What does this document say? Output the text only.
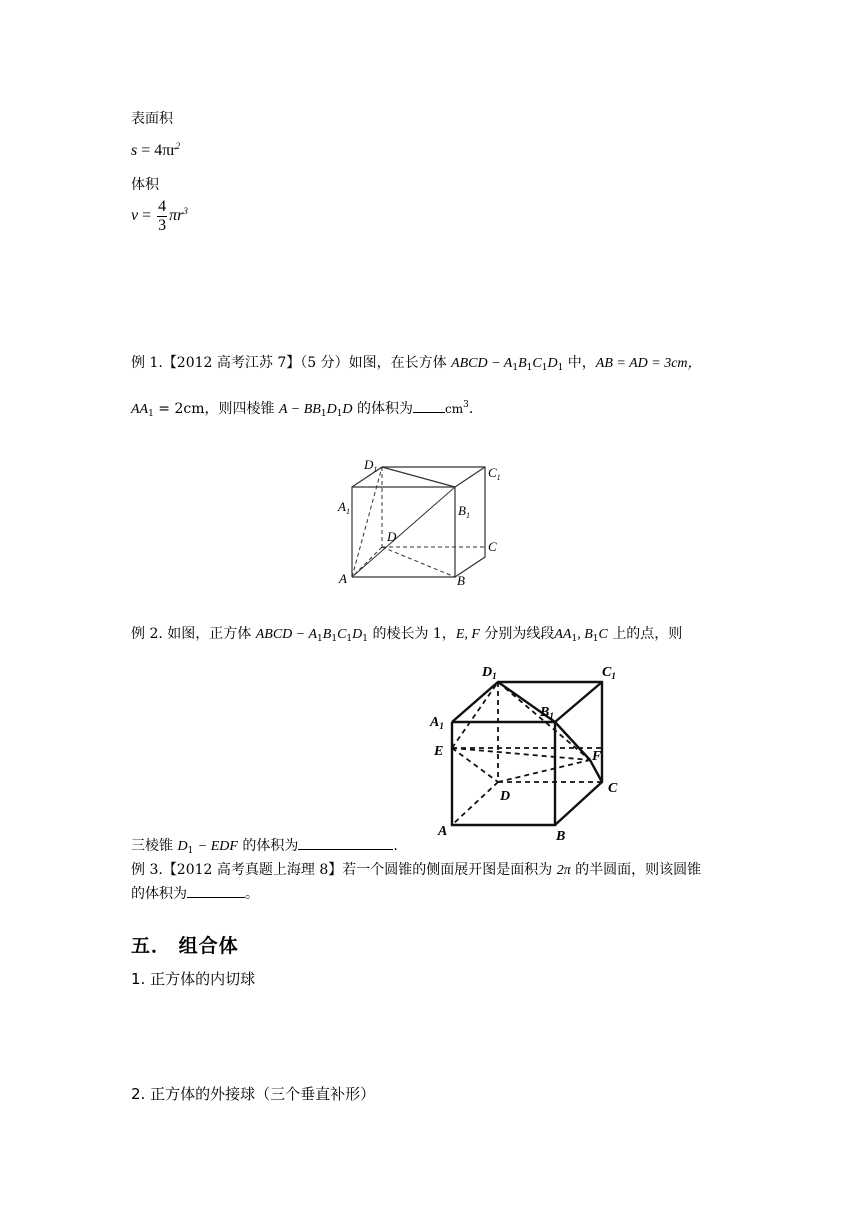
表面积
$s = 4\pi r^2$
体积
$v = \frac{4}{3} \pi r^3$
例 1.【2012 高考江苏 7】（5 分）如图，在长方体 ABCD − $A_1B_1C_1D_1$ 中，AB = AD = 3cm，
$AA_1 = 2cm$，则四棱锥 $A - BB_1D_1D$ 的体积为	$cm^3$.
$D_1$	$C_1$
$A_1$	$B_1$
D
C
A	B
例 2. 如图，正方体 ABCD − $A_1B_1C_1D_1$ 的棱长为 1，E, F 分别为线段$AA_1$, $B_1C$ 上的点，则
$D_1$	$C_1$
$A_1$
$B_1$
E	F
C
D
A	B
三棱锥 $D_1$ − EDF 的体积为	.
例 3.【2012 高考真题上海理 8】若一个圆锥的侧面展开图是面积为 2π 的半圆面，则该圆锥
的体积为	。
五． 组合体
1. 正方体的内切球
2. 正方体的外接球（三个垂直补形）
